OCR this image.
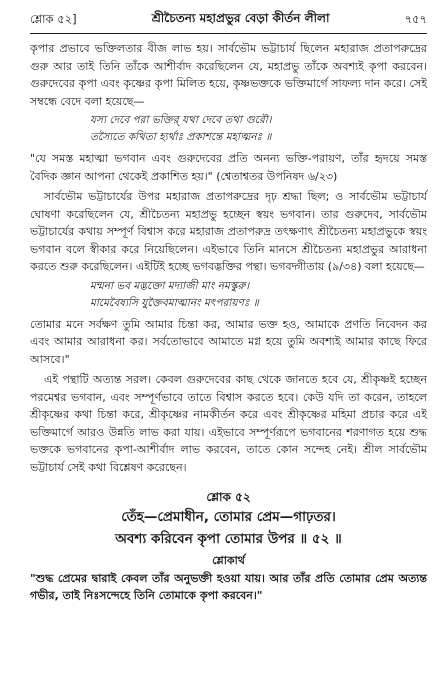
শ্লোক ৫২]	শ্রীচৈতন্য মহাপ্রভুর বেড়া কীর্তন লীলা	৭৫৭

কৃপার প্রভাবে ভক্তিলতার বীজ লাভ হয়। সার্বভৌম ভট্টাচার্য ছিলেন মহারাজ প্রতাপরুদ্রের গুরু আর তাই তিনি তাঁকে আশীর্বাদ করেছিলেন যে, মহাপ্রভু তাঁকে অবশ্যই কৃপা করবেন। গুরুদেবের কৃপা এবং কৃষ্ণের কৃপা মিলিত হয়ে, কৃষ্ণভক্তকে ভক্তিমার্গে সাফল্য দান করে। সেই সম্বন্ধে বেদে বলা হয়েছে—

যস্য দেবে পরা ভক্তির্ যথা দেবে তথা গুরৌ।
তস্যৈতে কথিতা হ্যর্থাঃ প্রকাশন্তে মহাত্মনঃ ॥

"যে সমস্ত মহাত্মা ভগবান এবং গুরুদেবের প্রতি অনন্য ভক্তি-পরায়ণ, তাঁর হৃদয়ে সমস্ত বৈদিক জ্ঞান আপনা থেকেই প্রকাশিত হয়।" (শ্বেতাশ্বতর উপনিষদ ৬/২৩)

সার্বভৌম ভট্টাচার্যের উপর মহারাজ প্রতাপরুদ্রের দৃঢ় শ্রদ্ধা ছিল; ও সার্বভৌম ভট্টাচার্য ঘোষণা করেছিলেন যে, শ্রীচৈতন্য মহাপ্রভু হচ্ছেন স্বয়ং ভগবান। তার গুরুদেব, সার্বভৌম ভট্টাচার্যের কথায় সম্পূর্ণ বিশ্বাস করে মহারাজ প্রতাপরুদ্র তৎক্ষণাৎ শ্রীচৈতন্য মহাপ্রভুকে স্বয়ং ভগবান বলে স্বীকার করে নিয়েছিলেন। এইভাবে তিনি মানসে শ্রীচৈতন্য মহাপ্রভুর আরাধনা করতে শুরু করেছিলেন। এইটিই হচ্ছে ভগবদ্ভক্তির পন্থা। ভগবদ্গীতায় (৯/৩৪) বলা হয়েছে—

মন্মনা ভব মদ্ভক্তো মদ্যাজী মাং নমস্কুরু।
মামেবৈষ্যসি যুক্তৈবমাত্মানং মৎপরায়ণঃ ॥

তোমার মনে সর্বক্ষণ তুমি আমার চিন্তা কর, আমার ভক্ত হও, আমাকে প্রণতি নিবেদন কর এবং আমার আরাধনা কর। সর্বতোভাবে আমাতে মগ্ন হয়ে তুমি অবশ্যই আমার কাছে ফিরে আসবে।"

এই পন্থাটি অত্যন্ত সরল। কেবল গুরুদেবের কাছ থেকে জানতে হবে যে, শ্রীকৃষ্ণই হচ্ছেন পরমেশ্বর ভগবান, এবং সম্পূর্ণভাবে তাতে বিশ্বাস করতে হবে। কেউ যদি তা করেন, তাহলে শ্রীকৃষ্ণের কথা চিন্তা করে, শ্রীকৃষ্ণের নামকীর্তন করে এবং শ্রীকৃষ্ণের মহিমা প্রচার করে এই ভক্তিমার্গে আরও উন্নতি লাভ করা যায়। এইভাবে সম্পূর্ণরূপে ভগবানের শরণাগত হয়ে শুদ্ধ ভক্তকে ভগবানের কৃপা-আশীর্বাদ লাভ করবেন, তাতে কোন সন্দেহ নেই। শ্রীল সার্বভৌম ভট্টাচার্য সেই কথা বিশ্লেষণ করেছেন।

শ্লোক ৫২
তেঁহ—প্রেমাধীন, তোমার প্রেম—গাঢ়তর।
অবশ্য করিবেন কৃপা তোমার উপর ॥ ৫২ ॥
শ্লোকার্থ

"শুদ্ধ প্রেমের দ্বারাই কেবল তাঁর অনুভক্তী হওয়া যায়। আর তাঁর প্রতি তোমার প্রেম অত্যন্ত গভীর, তাই নিঃসন্দেহে তিনি তোমাকে কৃপা করবেন।"
